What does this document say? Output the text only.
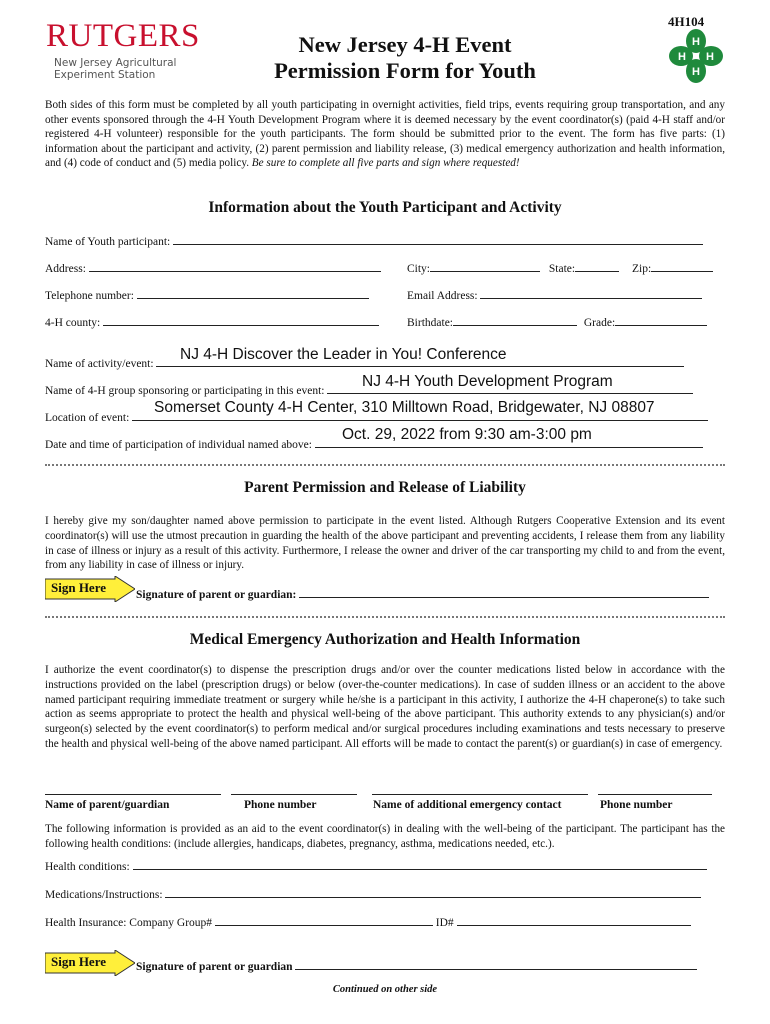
RUTGERS
New Jersey Agricultural
Experiment Station
New Jersey 4-H Event
Permission Form for Youth
4H104
H
H
H H
Both sides of this form must be completed by all youth participating in overnight activities, field trips, events requiring group transportation, and any other events sponsored through the 4-H Youth Development Program where it is deemed necessary by the event coordinator(s) (paid 4-H staff and/or registered 4-H volunteer) responsible for the youth participants. The form should be submitted prior to the event. The form has five parts: (1) information about the participant and activity, (2) parent permission and liability release, (3) medical emergency authorization and health information, and (4) code of conduct and (5) media policy. Be sure to complete all five parts and sign where requested!
Information about the Youth Participant and Activity
Name of Youth participant:
Address:	City:	State:	Zip:
Telephone number:	Email Address:
4-H county:	Birthdate:	Grade:
Name of activity/event:
NJ 4-H Discover the Leader in You! Conference
Name of 4-H group sponsoring or participating in this event:
NJ 4-H Youth Development Program
Location of event:
Somerset County 4-H Center, 310 Milltown Road, Bridgewater, NJ 08807
Date and time of participation of individual named above:
Oct. 29, 2022 from 9:30 am-3:00 pm
Parent Permission and Release of Liability
I hereby give my son/daughter named above permission to participate in the event listed. Although Rutgers Cooperative Extension and its event coordinator(s) will use the utmost precaution in guarding the health of the above participant and preventing accidents, I release them from any liability in case of illness or injury as a result of this activity. Furthermore, I release the owner and driver of the car transporting my child to and from the event, from any liability in case of illness or injury.
Sign Here	Signature of parent or guardian:
Medical Emergency Authorization and Health Information
I authorize the event coordinator(s) to dispense the prescription drugs and/or over the counter medications listed below in accordance with the instructions provided on the label (prescription drugs) or below (over-the-counter medications). In case of sudden illness or an accident to the above named participant requiring immediate treatment or surgery while he/she is a participant in this activity, I authorize the 4-H chaperone(s) to take such action as seems appropriate to protect the health and physical well-being of the above participant. This authority extends to any physician(s) and/or surgeon(s) selected by the event coordinator(s) to perform medical and/or surgical procedures including examinations and tests necessary to preserve the health and physical well-being of the above named participant. All efforts will be made to contact the parent(s) or guardian(s) in case of emergency.
Name of parent/guardian	Phone number	Name of additional emergency contact	Phone number
The following information is provided as an aid to the event coordinator(s) in dealing with the well-being of the participant. The participant has the following health conditions: (include allergies, handicaps, diabetes, pregnancy, asthma, medications needed, etc.).
Health conditions:
Medications/Instructions:
Health Insurance: Company Group#	ID#
Sign Here	Signature of parent or guardian
Continued on other side
